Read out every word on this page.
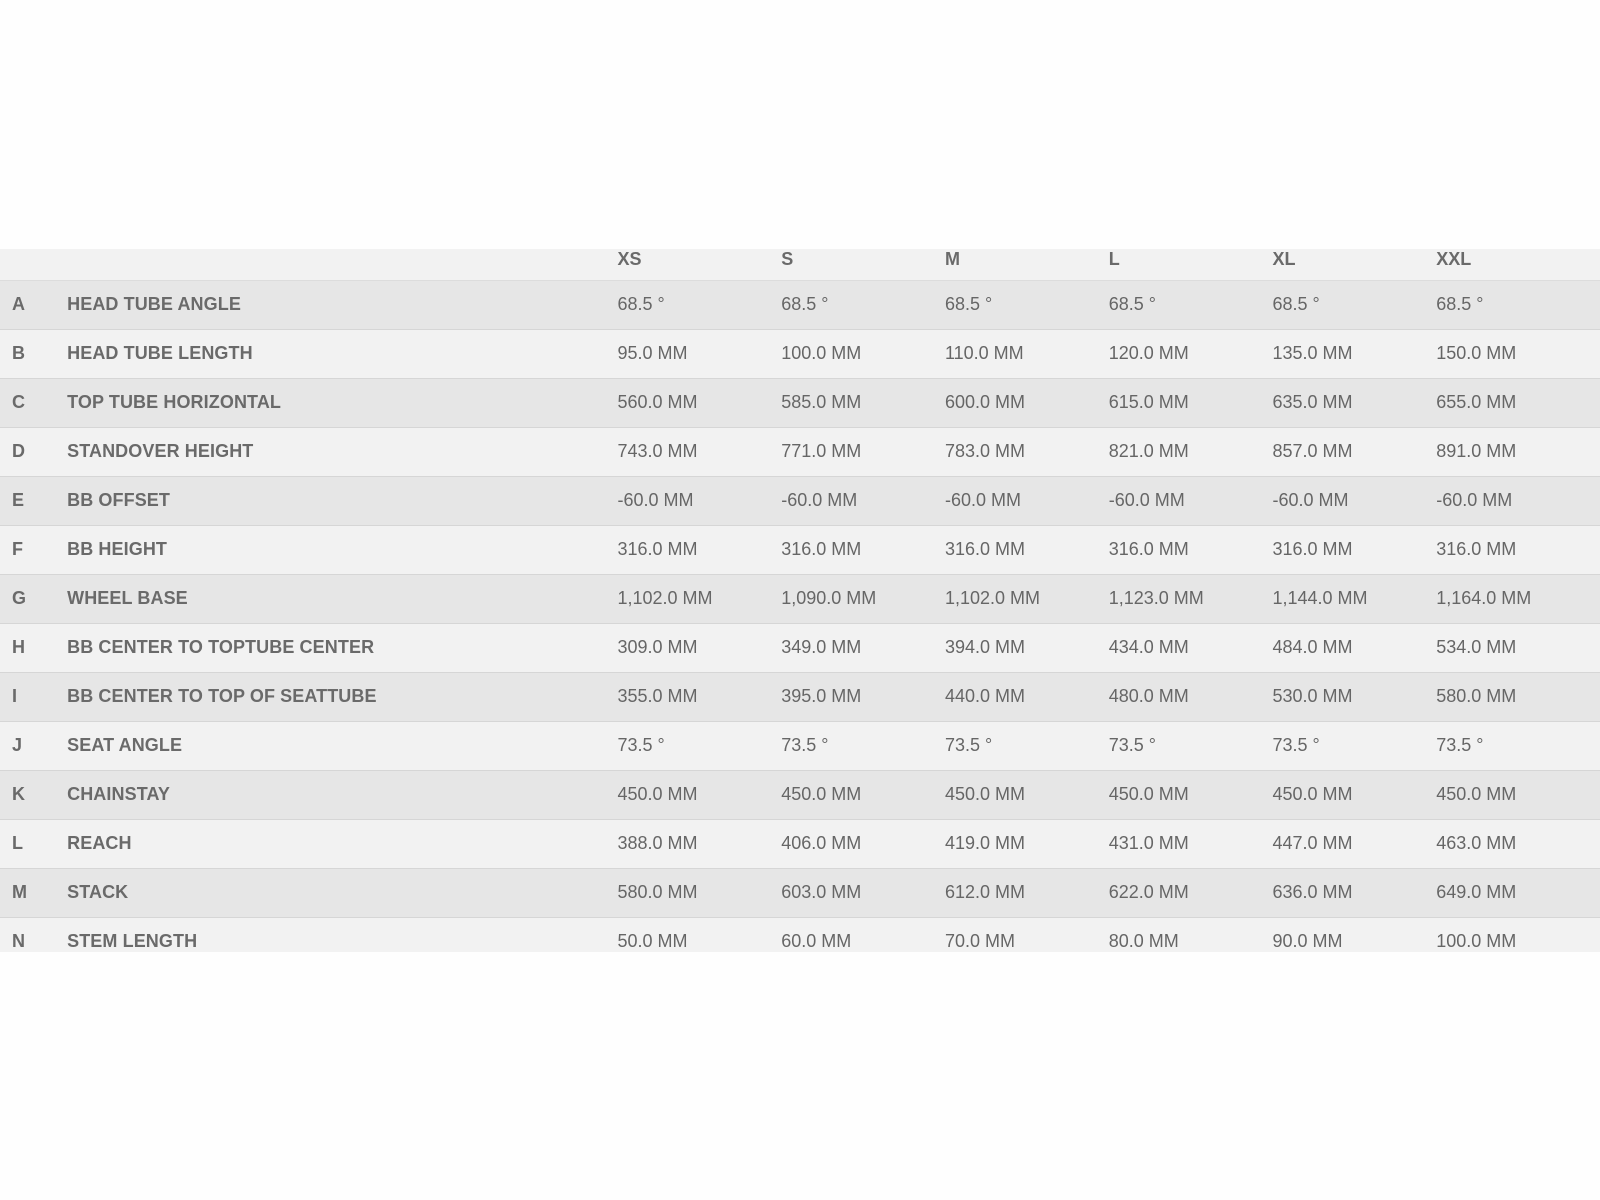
		XS	S	M	L	XL	XXL
A	HEAD TUBE ANGLE	68.5 °	68.5 °	68.5 °	68.5 °	68.5 °	68.5 °
B	HEAD TUBE LENGTH	95.0 MM	100.0 MM	110.0 MM	120.0 MM	135.0 MM	150.0 MM
C	TOP TUBE HORIZONTAL	560.0 MM	585.0 MM	600.0 MM	615.0 MM	635.0 MM	655.0 MM
D	STANDOVER HEIGHT	743.0 MM	771.0 MM	783.0 MM	821.0 MM	857.0 MM	891.0 MM
E	BB OFFSET	-60.0 MM	-60.0 MM	-60.0 MM	-60.0 MM	-60.0 MM	-60.0 MM
F	BB HEIGHT	316.0 MM	316.0 MM	316.0 MM	316.0 MM	316.0 MM	316.0 MM
G	WHEEL BASE	1,102.0 MM	1,090.0 MM	1,102.0 MM	1,123.0 MM	1,144.0 MM	1,164.0 MM
H	BB CENTER TO TOPTUBE CENTER	309.0 MM	349.0 MM	394.0 MM	434.0 MM	484.0 MM	534.0 MM
I	BB CENTER TO TOP OF SEATTUBE	355.0 MM	395.0 MM	440.0 MM	480.0 MM	530.0 MM	580.0 MM
J	SEAT ANGLE	73.5 °	73.5 °	73.5 °	73.5 °	73.5 °	73.5 °
K	CHAINSTAY	450.0 MM	450.0 MM	450.0 MM	450.0 MM	450.0 MM	450.0 MM
L	REACH	388.0 MM	406.0 MM	419.0 MM	431.0 MM	447.0 MM	463.0 MM
M	STACK	580.0 MM	603.0 MM	612.0 MM	622.0 MM	636.0 MM	649.0 MM
N	STEM LENGTH	50.0 MM	60.0 MM	70.0 MM	80.0 MM	90.0 MM	100.0 MM
